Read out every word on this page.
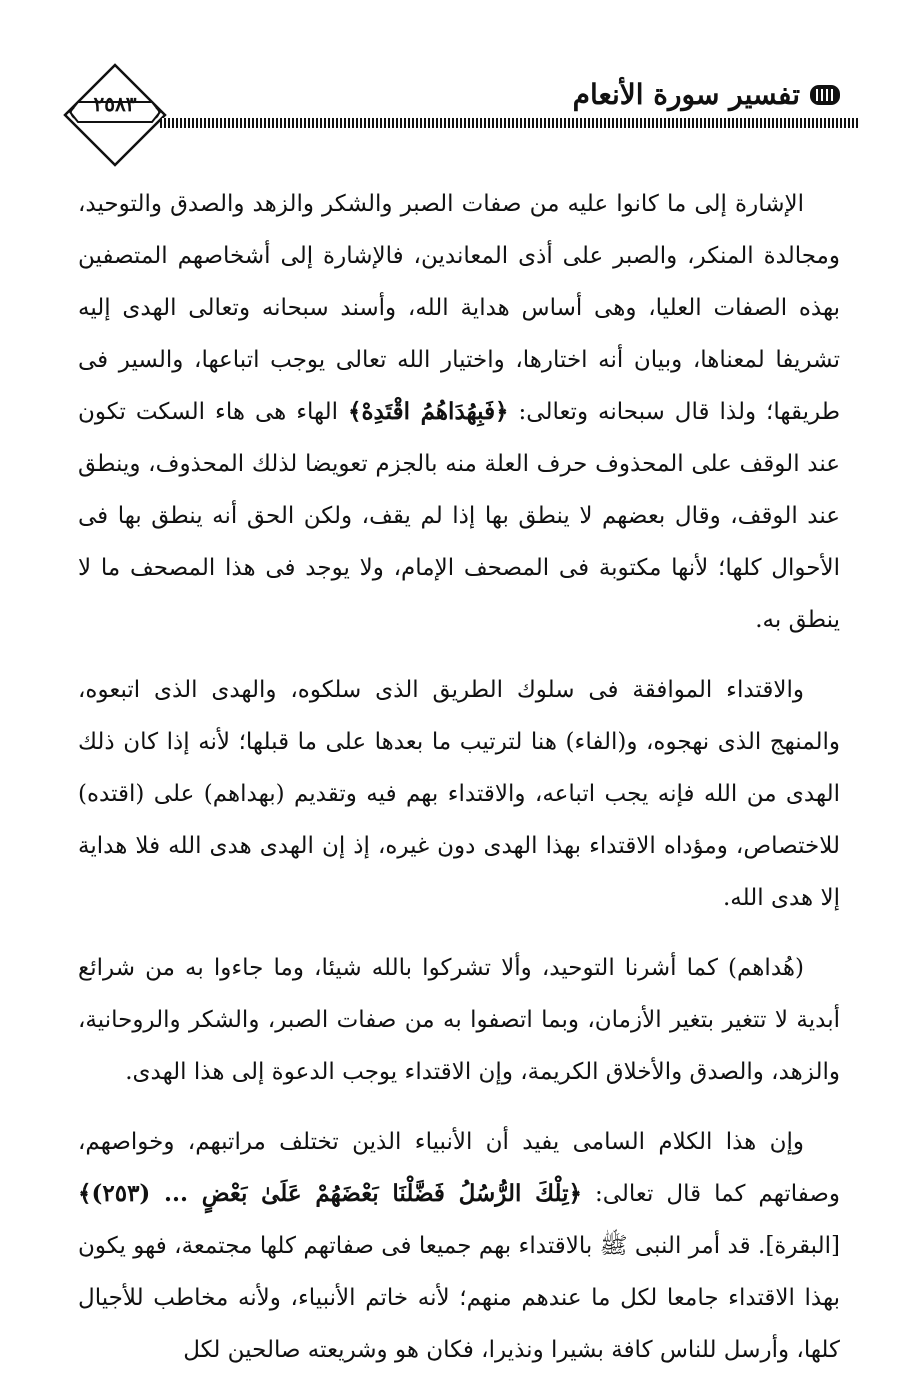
٢٥٨٣	تفسير سورة الأنعام

الإشارة إلى ما كانوا عليه من صفات الصبر والشكر والزهد والصدق والتوحيد، ومجالدة المنكر، والصبر على أذى المعاندين، فالإشارة إلى أشخاصهم المتصفين بهذه الصفات العليا، وهى أساس هداية الله، وأسند سبحانه وتعالى الهدى إليه تشريفا لمعناها، وبيان أنه اختارها، واختيار الله تعالى يوجب اتباعها، والسير فى طريقها؛ ولذا قال سبحانه وتعالى: ﴿فَبِهُدَاهُمُ اقْتَدِهْ﴾ الهاء هى هاء السكت تكون عند الوقف على المحذوف حرف العلة منه بالجزم تعويضا لذلك المحذوف، وينطق عند الوقف، وقال بعضهم لا ينطق بها إذا لم يقف، ولكن الحق أنه ينطق بها فى الأحوال كلها؛ لأنها مكتوبة فى المصحف الإمام، ولا يوجد فى هذا المصحف ما لا ينطق به.

والاقتداء الموافقة فى سلوك الطريق الذى سلكوه، والهدى الذى اتبعوه، والمنهج الذى نهجوه، و(الفاء) هنا لترتيب ما بعدها على ما قبلها؛ لأنه إذا كان ذلك الهدى من الله فإنه يجب اتباعه، والاقتداء بهم فيه وتقديم (بهداهم) على (اقتده) للاختصاص، ومؤداه الاقتداء بهذا الهدى دون غيره، إذ إن الهدى هدى الله فلا هداية إلا هدى الله.

(هُداهم) كما أشرنا التوحيد، وألا تشركوا بالله شيئا، وما جاءوا به من شرائع أبدية لا تتغير بتغير الأزمان، وبما اتصفوا به من صفات الصبر، والشكر والروحانية، والزهد، والصدق والأخلاق الكريمة، وإن الاقتداء يوجب الدعوة إلى هذا الهدى.

وإن هذا الكلام السامى يفيد أن الأنبياء الذين تختلف مراتبهم، وخواصهم، وصفاتهم كما قال تعالى: ﴿تِلْكَ الرُّسُلُ فَضَّلْنَا بَعْضَهُمْ عَلَىٰ بَعْضٍ ... (٢٥٣)﴾ [البقرة]. قد أمر النبى ﷺ بالاقتداء بهم جميعا فى صفاتهم كلها مجتمعة، فهو يكون بهذا الاقتداء جامعا لكل ما عندهم منهم؛ لأنه خاتم الأنبياء، ولأنه مخاطب للأجيال كلها، وأرسل للناس كافة بشيرا ونذيرا، فكان هو وشريعته صالحين لكل
